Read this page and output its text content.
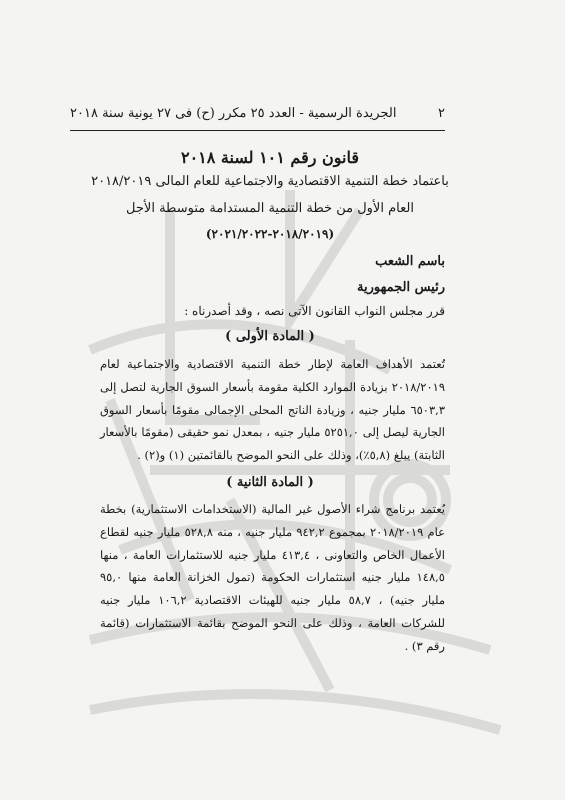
٢
الجريدة الرسمية - العدد ٢٥ مكرر (ح) فى ٢٧ يونية سنة ٢٠١٨
قانون رقم ١٠١ لسنة ٢٠١٨
باعتماد خطة التنمية الاقتصادية والاجتماعية للعام المالى ٢٠١٨/٢٠١٩
العام الأول من خطة التنمية المستدامة متوسطة الأجل
(٢٠١٨/٢٠١٩-٢٠٢١/٢٠٢٢)
باسم الشعب
رئيس الجمهورية
قرر مجلس النواب القانون الآتى نصه ، وقد أصدرناه :
( المادة الأولى )
تُعتمد الأهداف العامة لإطار خطة التنمية الاقتصادية والاجتماعية لعام ٢٠١٨/٢٠١٩ بزيادة الموارد الكلية مقومة بأسعار السوق الجارية لتصل إلى ٦٥٠٣,٣ مليار جنيه ، وزيادة الناتج المحلى الإجمالى مقومًا بأسعار السوق الجارية ليصل إلى ٥٢٥١,٠ مليار جنيه ، بمعدل نمو حقيقى (مقومًا بالأسعار الثابتة) يبلغ (٥,٨٪)، وذلك على النحو الموضح بالقائمتين (١) و(٢) .
( المادة الثانية )
يُعتمد برنامج شراء الأصول غير المالية (الاستخدامات الاستثمارية) بخطة عام ٢٠١٨/٢٠١٩ بمجموع ٩٤٢,٢ مليار جنيه ، منه ٥٢٨,٨ مليار جنيه لقطاع الأعمال الخاص والتعاونى ، ٤١٣,٤ مليار جنيه للاستثمارات العامة ، منها ١٤٨,٥ مليار جنيه استثمارات الحكومة (تمول الخزانة العامة منها ٩٥,٠ مليار جنيه) ، ٥٨,٧ مليار جنيه للهيئات الاقتصادية ١٠٦,٢ مليار جنيه للشركات العامة ، وذلك على النحو الموضح بقائمة الاستثمارات (قائمة رقم ٣) .
